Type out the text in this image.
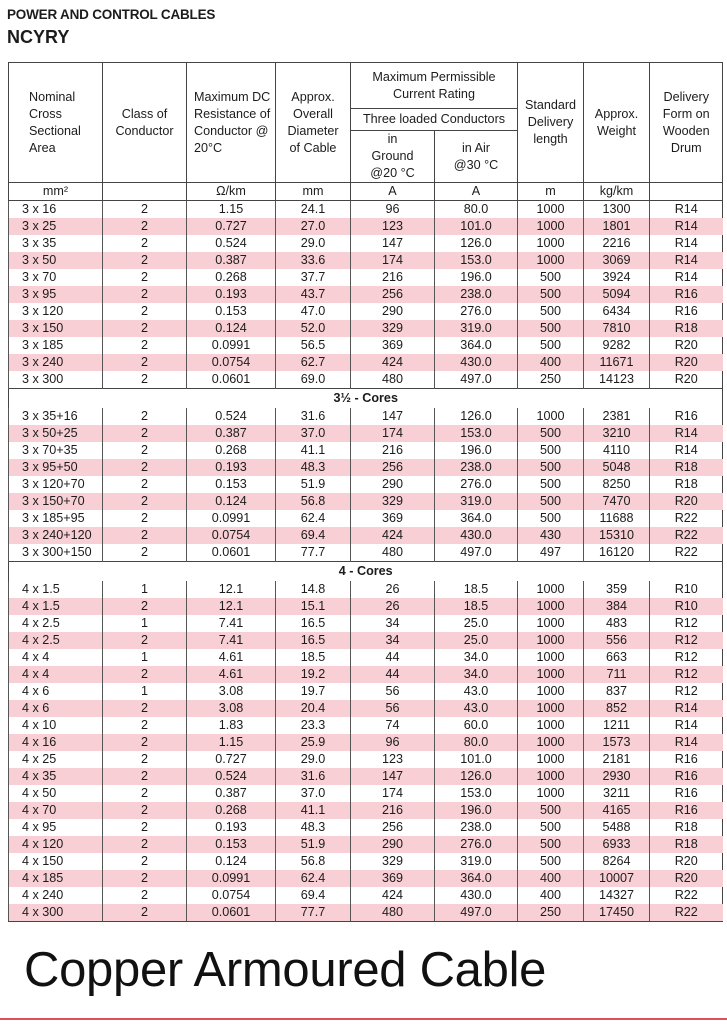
POWER AND CONTROL CABLES
NCYRY
Nominal Cross Sectional Area	Class of Conductor	Maximum DC Resistance of Conductor @ 20°C	Approx. Overall Diameter of Cable	Maximum Permissible Current Rating		Standard Delivery length	Approx. Weight	Delivery Form on Wooden Drum
				Three loaded Conductors				
				in Ground @20 °C	in Air @30 °C			
mm²		Ω/km	mm	A	A	m	kg/km	
3 x 16	2	1.15	24.1	96	80.0	1000	1300	R14
3 x 25	2	0.727	27.0	123	101.0	1000	1801	R14
3 x 35	2	0.524	29.0	147	126.0	1000	2216	R14
3 x 50	2	0.387	33.6	174	153.0	1000	3069	R14
3 x 70	2	0.268	37.7	216	196.0	500	3924	R14
3 x 95	2	0.193	43.7	256	238.0	500	5094	R16
3 x 120	2	0.153	47.0	290	276.0	500	6434	R16
3 x 150	2	0.124	52.0	329	319.0	500	7810	R18
3 x 185	2	0.0991	56.5	369	364.0	500	9282	R20
3 x 240	2	0.0754	62.7	424	430.0	400	11671	R20
3 x 300	2	0.0601	69.0	480	497.0	250	14123	R20
3½ - Cores								
3 x 35+16	2	0.524	31.6	147	126.0	1000	2381	R16
3 x 50+25	2	0.387	37.0	174	153.0	500	3210	R14
3 x 70+35	2	0.268	41.1	216	196.0	500	4110	R14
3 x 95+50	2	0.193	48.3	256	238.0	500	5048	R18
3 x 120+70	2	0.153	51.9	290	276.0	500	8250	R18
3 x 150+70	2	0.124	56.8	329	319.0	500	7470	R20
3 x 185+95	2	0.0991	62.4	369	364.0	500	11688	R22
3 x 240+120	2	0.0754	69.4	424	430.0	430	15310	R22
3 x 300+150	2	0.0601	77.7	480	497.0	497	16120	R22
4 - Cores								
4 x 1.5	1	12.1	14.8	26	18.5	1000	359	R10
4 x 1.5	2	12.1	15.1	26	18.5	1000	384	R10
4 x 2.5	1	7.41	16.5	34	25.0	1000	483	R12
4 x 2.5	2	7.41	16.5	34	25.0	1000	556	R12
4 x 4	1	4.61	18.5	44	34.0	1000	663	R12
4 x 4	2	4.61	19.2	44	34.0	1000	711	R12
4 x 6	1	3.08	19.7	56	43.0	1000	837	R12
4 x 6	2	3.08	20.4	56	43.0	1000	852	R14
4 x 10	2	1.83	23.3	74	60.0	1000	1211	R14
4 x 16	2	1.15	25.9	96	80.0	1000	1573	R14
4 x 25	2	0.727	29.0	123	101.0	1000	2181	R16
4 x 35	2	0.524	31.6	147	126.0	1000	2930	R16
4 x 50	2	0.387	37.0	174	153.0	1000	3211	R16
4 x 70	2	0.268	41.1	216	196.0	500	4165	R16
4 x 95	2	0.193	48.3	256	238.0	500	5488	R18
4 x 120	2	0.153	51.9	290	276.0	500	6933	R18
4 x 150	2	0.124	56.8	329	319.0	500	8264	R20
4 x 185	2	0.0991	62.4	369	364.0	400	10007	R20
4 x 240	2	0.0754	69.4	424	430.0	400	14327	R22
4 x 300	2	0.0601	77.7	480	497.0	250	17450	R22
Copper Armoured Cable
